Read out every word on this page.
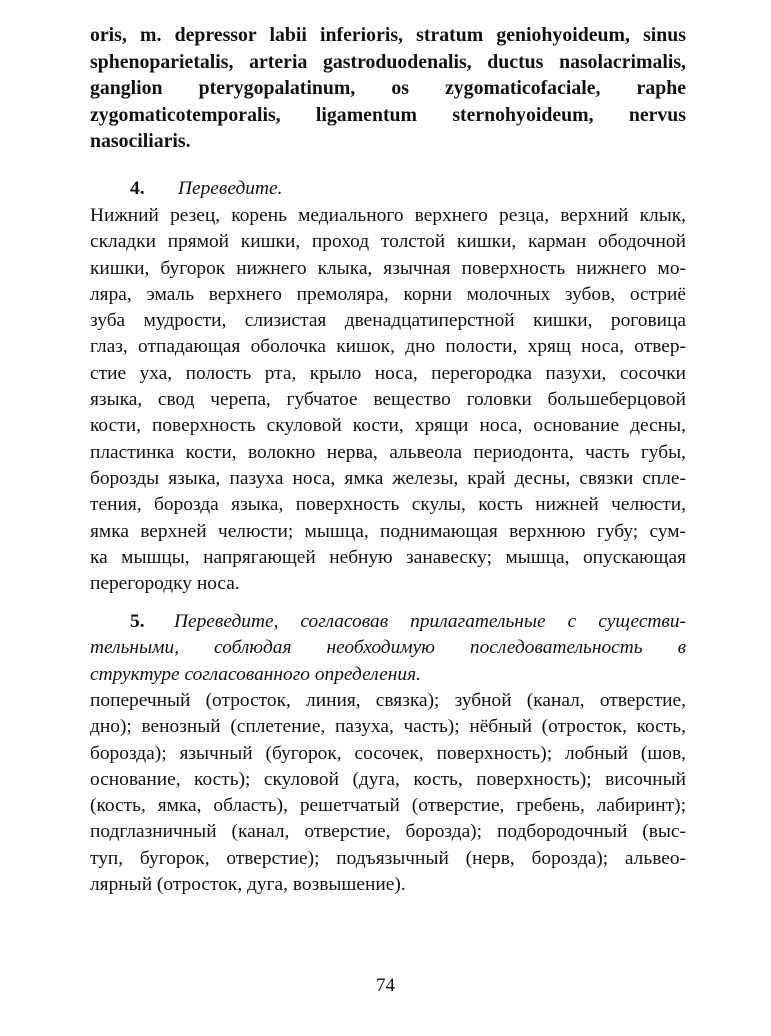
oris, m. depressor labii inferioris, stratum geniohyoideum, sinus
sphenoparietalis, arteria gastroduodenalis, ductus nasolacrimalis,
ganglion pterygopalatinum, os zygomaticofaciale, raphe
zygomaticotemporalis, ligamentum sternohyoideum, nervus
nasociliaris.
4. Переведите.
Нижний резец, корень медиального верхнего резца, верхний клык,
складки прямой кишки, проход толстой кишки, карман ободочной
кишки, бугорок нижнего клыка, язычная поверхность нижнего мо-
ляра, эмаль верхнего премоляра, корни молочных зубов, остриё
зуба мудрости, слизистая двенадцатиперстной кишки, роговица
глаз, отпадающая оболочка кишок, дно полости, хрящ носа, отвер-
стие уха, полость рта, крыло носа, перегородка пазухи, сосочки
языка, свод черепа, губчатое вещество головки большеберцовой
кости, поверхность скуловой кости, хрящи носа, основание десны,
пластинка кости, волокно нерва, альвеола периодонта, часть губы,
борозды языка, пазуха носа, ямка железы, край десны, связки спле-
тения, борозда языка, поверхность скулы, кость нижней челюсти,
ямка верхней челюсти; мышца, поднимающая верхнюю губу; сум-
ка мышцы, напрягающей небную занавеску; мышца, опускающая
перегородку носа.
5. Переведите, согласовав прилагательные с существи-
тельными, соблюдая необходимую последовательность в
структуре согласованного определения.
поперечный (отросток, линия, связка); зубной (канал, отверстие,
дно); венозный (сплетение, пазуха, часть); нёбный (отросток, кость,
борозда); язычный (бугорок, сосочек, поверхность); лобный (шов,
основание, кость); скуловой (дуга, кость, поверхность); височный
(кость, ямка, область), решетчатый (отверстие, гребень, лабиринт);
подглазничный (канал, отверстие, борозда); подбородочный (выс-
туп, бугорок, отверстие); подъязычный (нерв, борозда); альвео-
лярный (отросток, дуга, возвышение).
74
